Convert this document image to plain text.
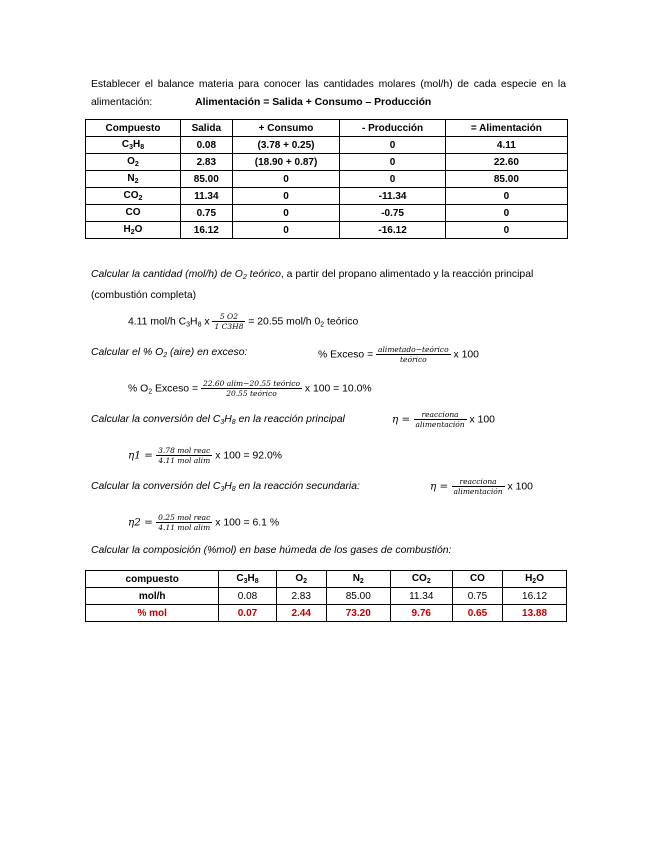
Establecer el balance materia para conocer las cantidades molares (mol/h) de cada especie en la alimentación:	Alimentación = Salida + Consumo – Producción
Compuesto	Salida	+ Consumo	- Producción	= Alimentación
$C_3H_8$	0.08	(3.78 + 0.25)	0	4.11
$O_2$	2.83	(18.90 + 0.87)	0	22.60
$N_2$	85.00	0	0	85.00
$CO_2$	11.34	0	-11.34	0
CO	0.75	0	-0.75	0
$H_2O$	16.12	0	-16.12	0
Calcular la cantidad (mol/h) de $O_2$ teórico, a partir del propano alimentado y la reacción principal (combustión completa)
4.11 mol/h $C_3H_8$ x $\frac{5 O2}{1 C3H8} = 20.55$ mol/h $0_2$ teórico
Calcular el % $O_2$ (aire) en exceso:	% Exceso = $\frac{\text{alimetado−teórico}}{\text{teórico}}$ x 100
% $O_2$ Exceso = $\frac{\text{22.60 alim−20.55 teórico}}{\text{20.55 teórico}}$ x 100 = 10.0%
Calcular la conversión del $C_3H_8$ en la reacción principal	$\eta = \frac{\text{reacciona}}{\text{alimentación}}$ x 100
$\eta 1 = \frac{\text{3.78 mol reac}}{\text{4.11 mol alim}}$ x 100 = 92.0%
Calcular la conversión del $C_3H_8$ en la reacción secundaria:	$\eta = \frac{\text{reacciona}}{\text{alimentación}}$ x 100
$\eta 2 = \frac{\text{0.25 mol reac}}{\text{4.11 mol alim}}$ x 100 = 6.1 %
Calcular la composición (%mol) en base húmeda de los gases de combustión:
compuesto	$C_3H_8$	$O_2$	$N_2$	$CO_2$	CO	$H_2O$
mol/h	0.08	2.83	85.00	11.34	0.75	16.12
% mol	0.07	2.44	73.20	9.76	0.65	13.88
